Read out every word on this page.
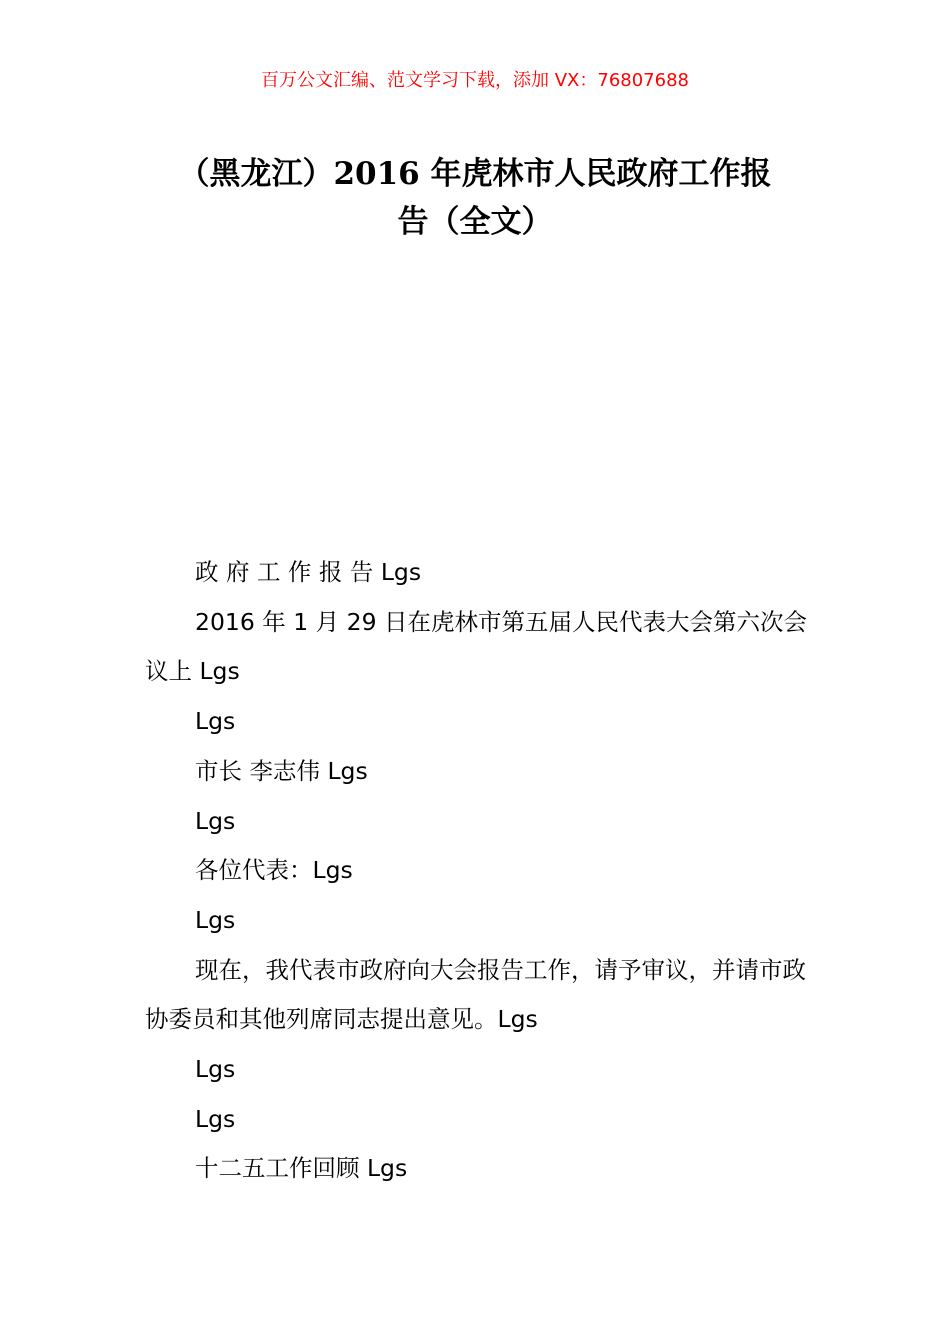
百万公文汇编、范文学习下载，添加 VX：76807688
（黑龙江）2016 年虎林市人民政府工作报
告（全文）

政 府 工 作 报 告 Lgs

2016 年 1 月 29 日在虎林市第五届人民代表大会第六次会议上 Lgs

Lgs

市长 李志伟 Lgs

Lgs

各位代表：Lgs

Lgs

现在，我代表市政府向大会报告工作，请予审议，并请市政协委员和其他列席同志提出意见。Lgs

Lgs

Lgs

十二五工作回顾 Lgs
